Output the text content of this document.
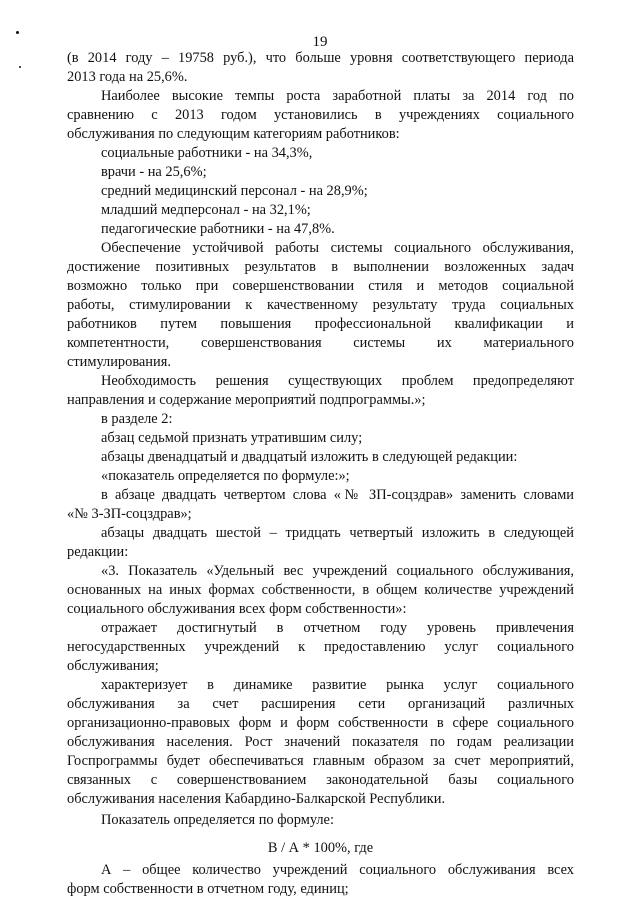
19
(в 2014 году – 19758 руб.), что больше уровня соответствующего периода
2013 года на 25,6%.
Наиболее высокие темпы роста заработной платы за 2014 год по
сравнению с 2013 годом установились в учреждениях социального
обслуживания по следующим категориям работников:
социальные работники - на 34,3%,
врачи - на 25,6%;
средний медицинский персонал - на 28,9%;
младший медперсонал - на 32,1%;
педагогические работники - на 47,8%.
Обеспечение устойчивой работы системы социального обслуживания,
достижение позитивных результатов в выполнении возложенных задач
возможно только при совершенствовании стиля и методов социальной
работы, стимулировании к качественному результату труда социальных
работников путем повышения профессиональной квалификации и
компетентности, совершенствования системы их материального
стимулирования.
Необходимость решения существующих проблем предопределяют
направления и содержание мероприятий подпрограммы.»;
в разделе 2:
абзац седьмой признать утратившим силу;
абзацы двенадцатый и двадцатый изложить в следующей редакции:
«показатель определяется по формуле:»;
в абзаце двадцать четвертом слова «№ ЗП-соцздрав» заменить словами
«№ 3-ЗП-соцздрав»;
абзацы двадцать шестой – тридцать четвертый изложить в следующей
редакции:
«3. Показатель «Удельный вес учреждений социального обслуживания,
основанных на иных формах собственности, в общем количестве учреждений
социального обслуживания всех форм собственности»:
отражает достигнутый в отчетном году уровень привлечения
негосударственных учреждений к предоставлению услуг социального
обслуживания;
характеризует в динамике развитие рынка услуг социального
обслуживания за счет расширения сети организаций различных
организационно-правовых форм и форм собственности в сфере социального
обслуживания населения. Рост значений показателя по годам реализации
Госпрограммы будет обеспечиваться главным образом за счет мероприятий,
связанных с совершенствованием законодательной базы социального
обслуживания населения Кабардино-Балкарской Республики.
Показатель определяется по формуле:
В / А * 100%, где
А – общее количество учреждений социального обслуживания всех
форм собственности в отчетном году, единиц;
